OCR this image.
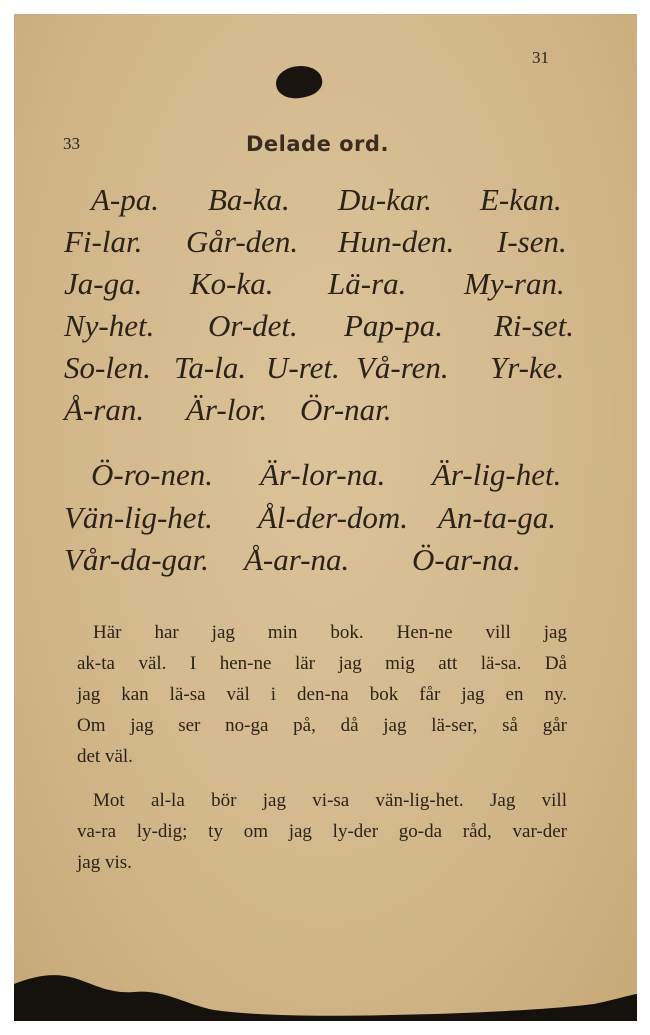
31
33	Delade ord.
A-pa. Ba-ka. Du-kar. E-kan.
Fi-lar. Går-den. Hun-den. I-sen.
Ja-ga. Ko-ka. Lä-ra. My-ran.
Ny-het. Or-det. Pap-pa. Ri-set.
So-len. Ta-la. U-ret. Vå-ren. Yr-ke.
Å-ran. Är-lor. Ör-nar.
Ö-ro-nen. Är-lor-na. Är-lig-het.
Vän-lig-het. Ål-der-dom. An-ta-ga.
Vår-da-gar. Å-ar-na. Ö-ar-na.
Här har jag min bok. Hen-ne vill jag
ak-ta väl. I hen-ne lär jag mig att lä-sa. Då
jag kan lä-sa väl i den-na bok får jag en ny.
Om jag ser no-ga på, då jag lä-ser, så går
det väl.
Mot al-la bör jag vi-sa vän-lig-het. Jag vill
va-ra ly-dig; ty om jag ly-der go-da råd, var-der
jag vis.
